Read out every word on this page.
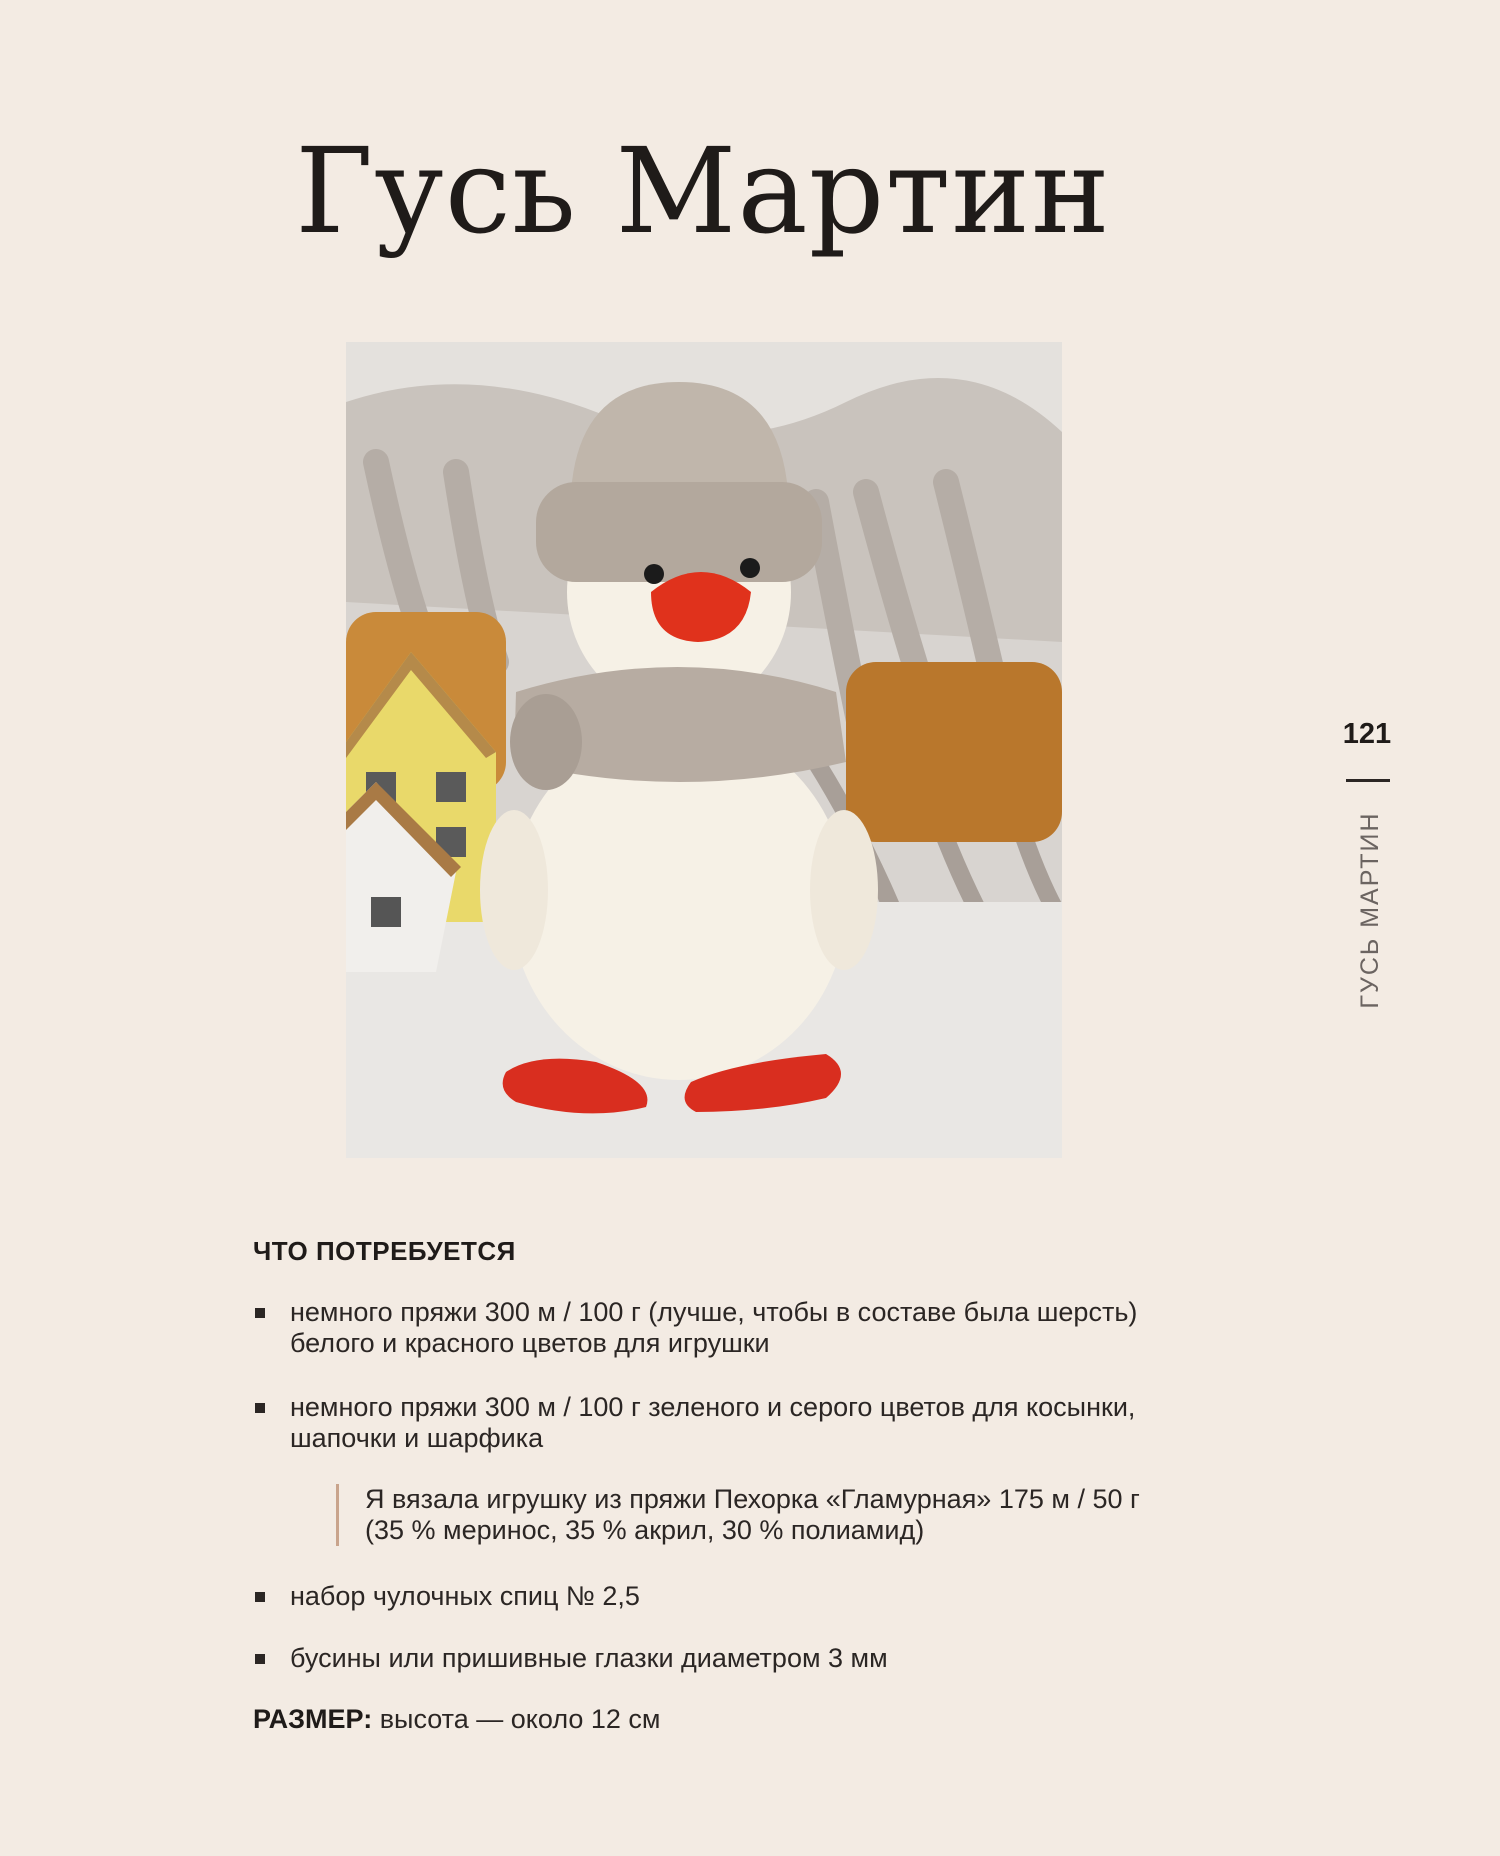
Гусь Мартин
121
ГУСЬ МАРТИН
ЧТО ПОТРЕБУЕТСЯ
немного пряжи 300 м / 100 г (лучше, чтобы в составе была шерсть) белого и красного цветов для игрушки
немного пряжи 300 м / 100 г зеленого и серого цветов для косынки, шапочки и шарфика
Я вязала игрушку из пряжи Пехорка «Гламурная» 175 м / 50 г (35 % меринос, 35 % акрил, 30 % полиамид)
набор чулочных спиц № 2,5
бусины или пришивные глазки диаметром 3 мм
РАЗМЕР: высота — около 12 см
